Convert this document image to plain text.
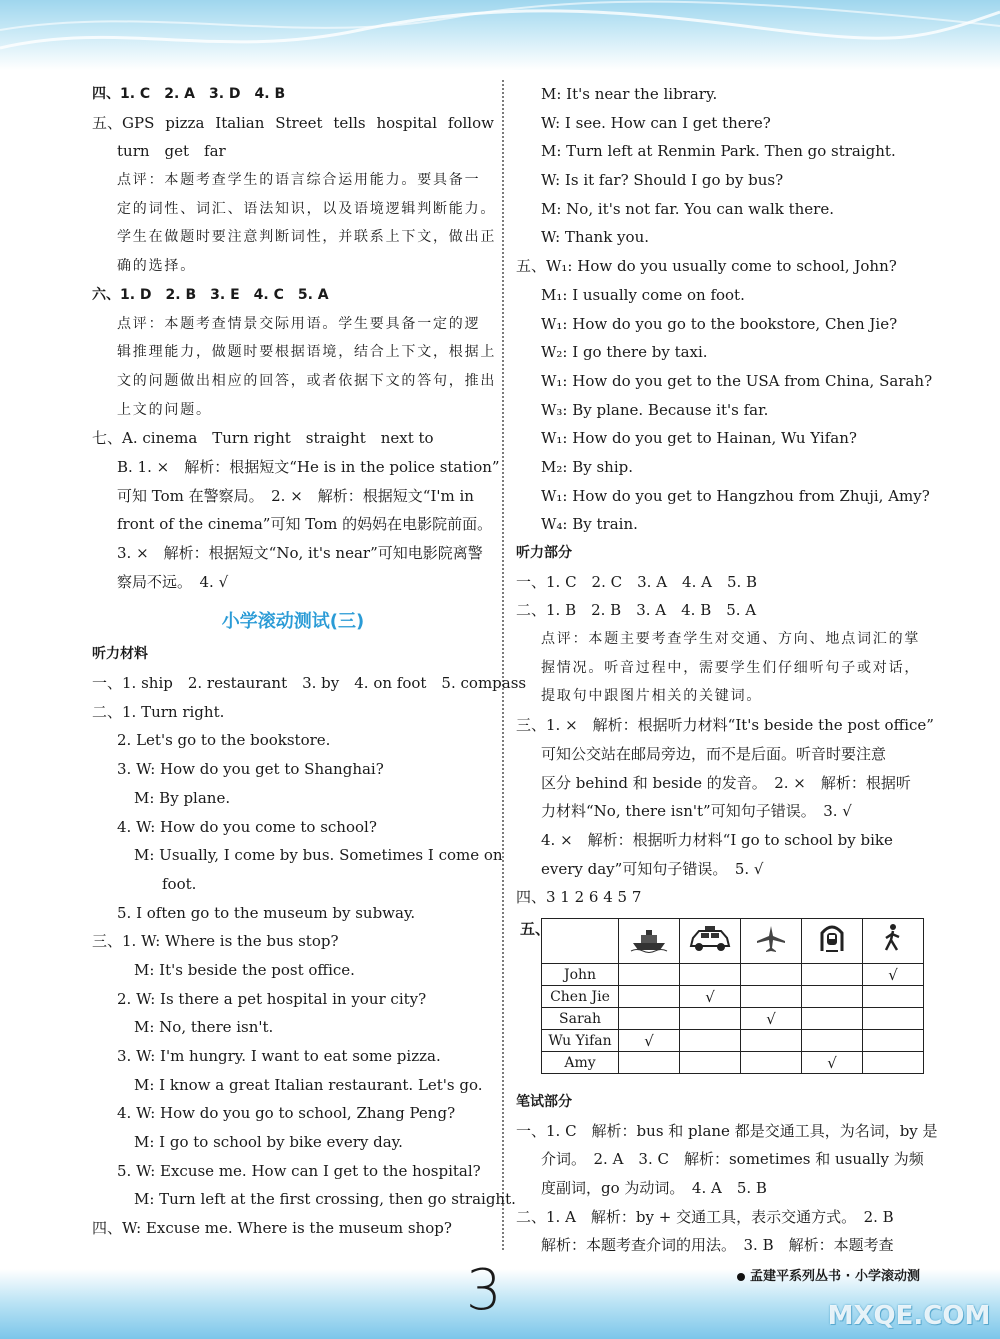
四、1. C　2. A　3. D　4. B
五、GPS pizza Italian Street tells hospital follow
turn　get　far
点评：本题考查学生的语言综合运用能力。要具备一
定的词性、词汇、语法知识，以及语境逻辑判断能力。
学生在做题时要注意判断词性，并联系上下文，做出正
确的选择。
六、1. D　2. B　3. E　4. C　5. A
点评：本题考查情景交际用语。学生要具备一定的逻
辑推理能力，做题时要根据语境，结合上下文，根据上
文的问题做出相应的回答，或者依据下文的答句，推出
上文的问题。
七、A. cinema　Turn right　straight　next to
B. 1. ×　解析：根据短文“He is in the police station”
可知 Tom 在警察局。　2. ×　解析：根据短文“I'm in
front of the cinema”可知 Tom 的妈妈在电影院前面。
3. ×　解析：根据短文“No, it's near”可知电影院离警
察局不远。　4. √
小学滚动测试(三)
听力材料
一、1. ship　2. restaurant　3. by　4. on foot　5. compass
二、1. Turn right.
2. Let's go to the bookstore.
3. W: How do you get to Shanghai?
M: By plane.
4. W: How do you come to school?
M: Usually, I come by bus. Sometimes I come on
foot.
5. I often go to the museum by subway.
三、1. W: Where is the bus stop?
M: It's beside the post office.
2. W: Is there a pet hospital in your city?
M: No, there isn't.
3. W: I'm hungry. I want to eat some pizza.
M: I know a great Italian restaurant. Let's go.
4. W: How do you go to school, Zhang Peng?
M: I go to school by bike every day.
5. W: Excuse me. How can I get to the hospital?
M: Turn left at the first crossing, then go straight.
四、W: Excuse me. Where is the museum shop?
M: It's near the library.
W: I see. How can I get there?
M: Turn left at Renmin Park. Then go straight.
W: Is it far? Should I go by bus?
M: No, it's not far. You can walk there.
W: Thank you.
五、W₁: How do you usually come to school, John?
M₁: I usually come on foot.
W₁: How do you go to the bookstore, Chen Jie?
W₂: I go there by taxi.
W₁: How do you get to the USA from China, Sarah?
W₃: By plane. Because it's far.
W₁: How do you get to Hainan, Wu Yifan?
M₂: By ship.
W₁: How do you get to Hangzhou from Zhuji, Amy?
W₄: By train.
听力部分
一、1. C　2. C　3. A　4. A　5. B
二、1. B　2. B　3. A　4. B　5. A
点评：本题主要考查学生对交通、方向、地点词汇的掌
握情况。听音过程中，需要学生们仔细听句子或对话，
提取句中跟图片相关的关键词。
三、1. ×　解析：根据听力材料“It's beside the post office”
可知公交站在邮局旁边，而不是后面。听音时要注意
区分 behind 和 beside 的发音。　2. ×　解析：根据听
力材料“No, there isn't”可知句子错误。　3. √
4. ×　解析：根据听力材料“I go to school by bike
every day”可知句子错误。　5. √
四、3 1 2 6 4 5 7
五、

John					√
Chen Jie		√			
Sarah			√		
Wu Yifan	√				
Amy				√	
笔试部分
一、1. C　解析：bus 和 plane 都是交通工具，为名词，by 是
介词。　2. A　3. C　解析：sometimes 和 usually 为频
度副词，go 为动词。　4. A　5. B
二、1. A　解析：by + 交通工具，表示交通方式。　2. B
解析：本题考查介词的用法。　3. B　解析：本题考查
3	孟建平系列丛书 · 小学滚动测
MXQE.COM
